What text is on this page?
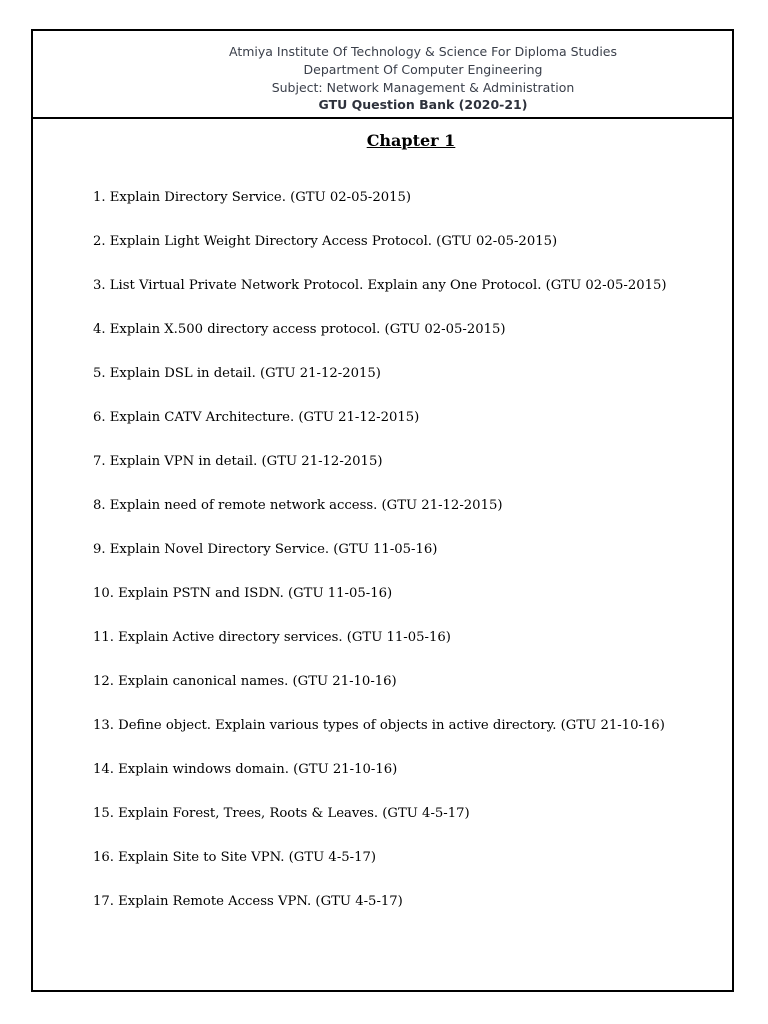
Atmiya Institute Of Technology & Science For Diploma Studies
Department Of Computer Engineering
Subject: Network Management & Administration
GTU Question Bank (2020-21)
Chapter 1
1. Explain Directory Service. (GTU 02-05-2015)
2. Explain Light Weight Directory Access Protocol. (GTU 02-05-2015)
3. List Virtual Private Network Protocol. Explain any One Protocol. (GTU 02-05-2015)
4. Explain X.500 directory access protocol. (GTU 02-05-2015)
5. Explain DSL in detail. (GTU 21-12-2015)
6. Explain CATV Architecture. (GTU 21-12-2015)
7. Explain VPN in detail. (GTU 21-12-2015)
8. Explain need of remote network access. (GTU 21-12-2015)
9. Explain Novel Directory Service. (GTU 11-05-16)
10. Explain PSTN and ISDN. (GTU 11-05-16)
11. Explain Active directory services. (GTU 11-05-16)
12. Explain canonical names. (GTU 21-10-16)
13. Define object. Explain various types of objects in active directory. (GTU 21-10-16)
14. Explain windows domain. (GTU 21-10-16)
15. Explain Forest, Trees, Roots & Leaves. (GTU 4-5-17)
16. Explain Site to Site VPN. (GTU 4-5-17)
17. Explain Remote Access VPN. (GTU 4-5-17)
